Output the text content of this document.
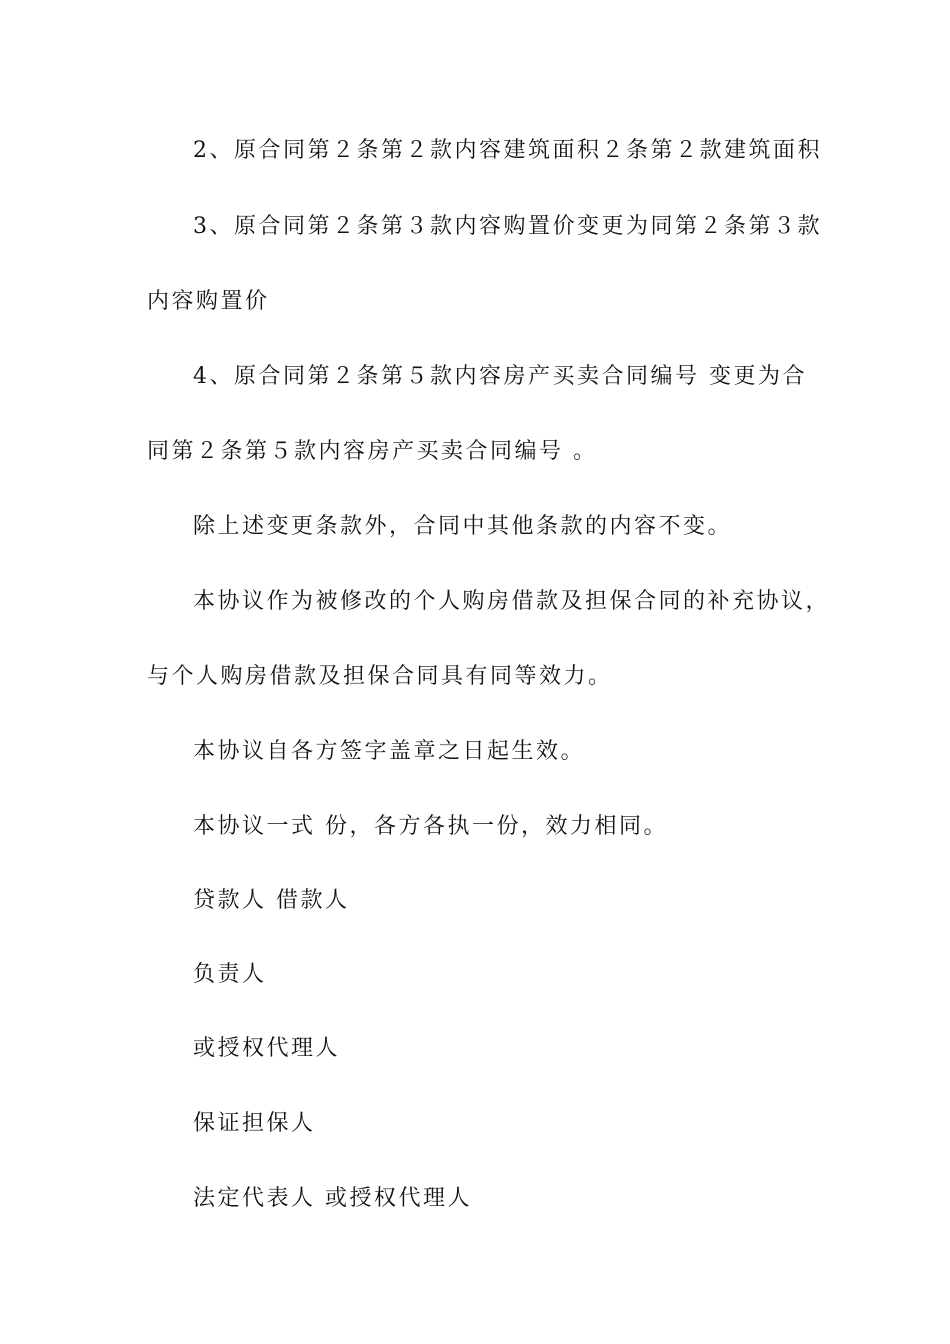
2、原合同第２条第２款内容建筑面积２条第２款建筑面积
3、原合同第２条第３款内容购置价变更为同第２条第３款
内容购置价
4、原合同第２条第５款内容房产买卖合同编号 变更为合
同第２条第５款内容房产买卖合同编号 。
除上述变更条款外，合同中其他条款的内容不变。
本协议作为被修改的个人购房借款及担保合同的补充协议，
与个人购房借款及担保合同具有同等效力。
本协议自各方签字盖章之日起生效。
本协议一式 份，各方各执一份，效力相同。
贷款人 借款人
负责人
或授权代理人
保证担保人
法定代表人 或授权代理人
